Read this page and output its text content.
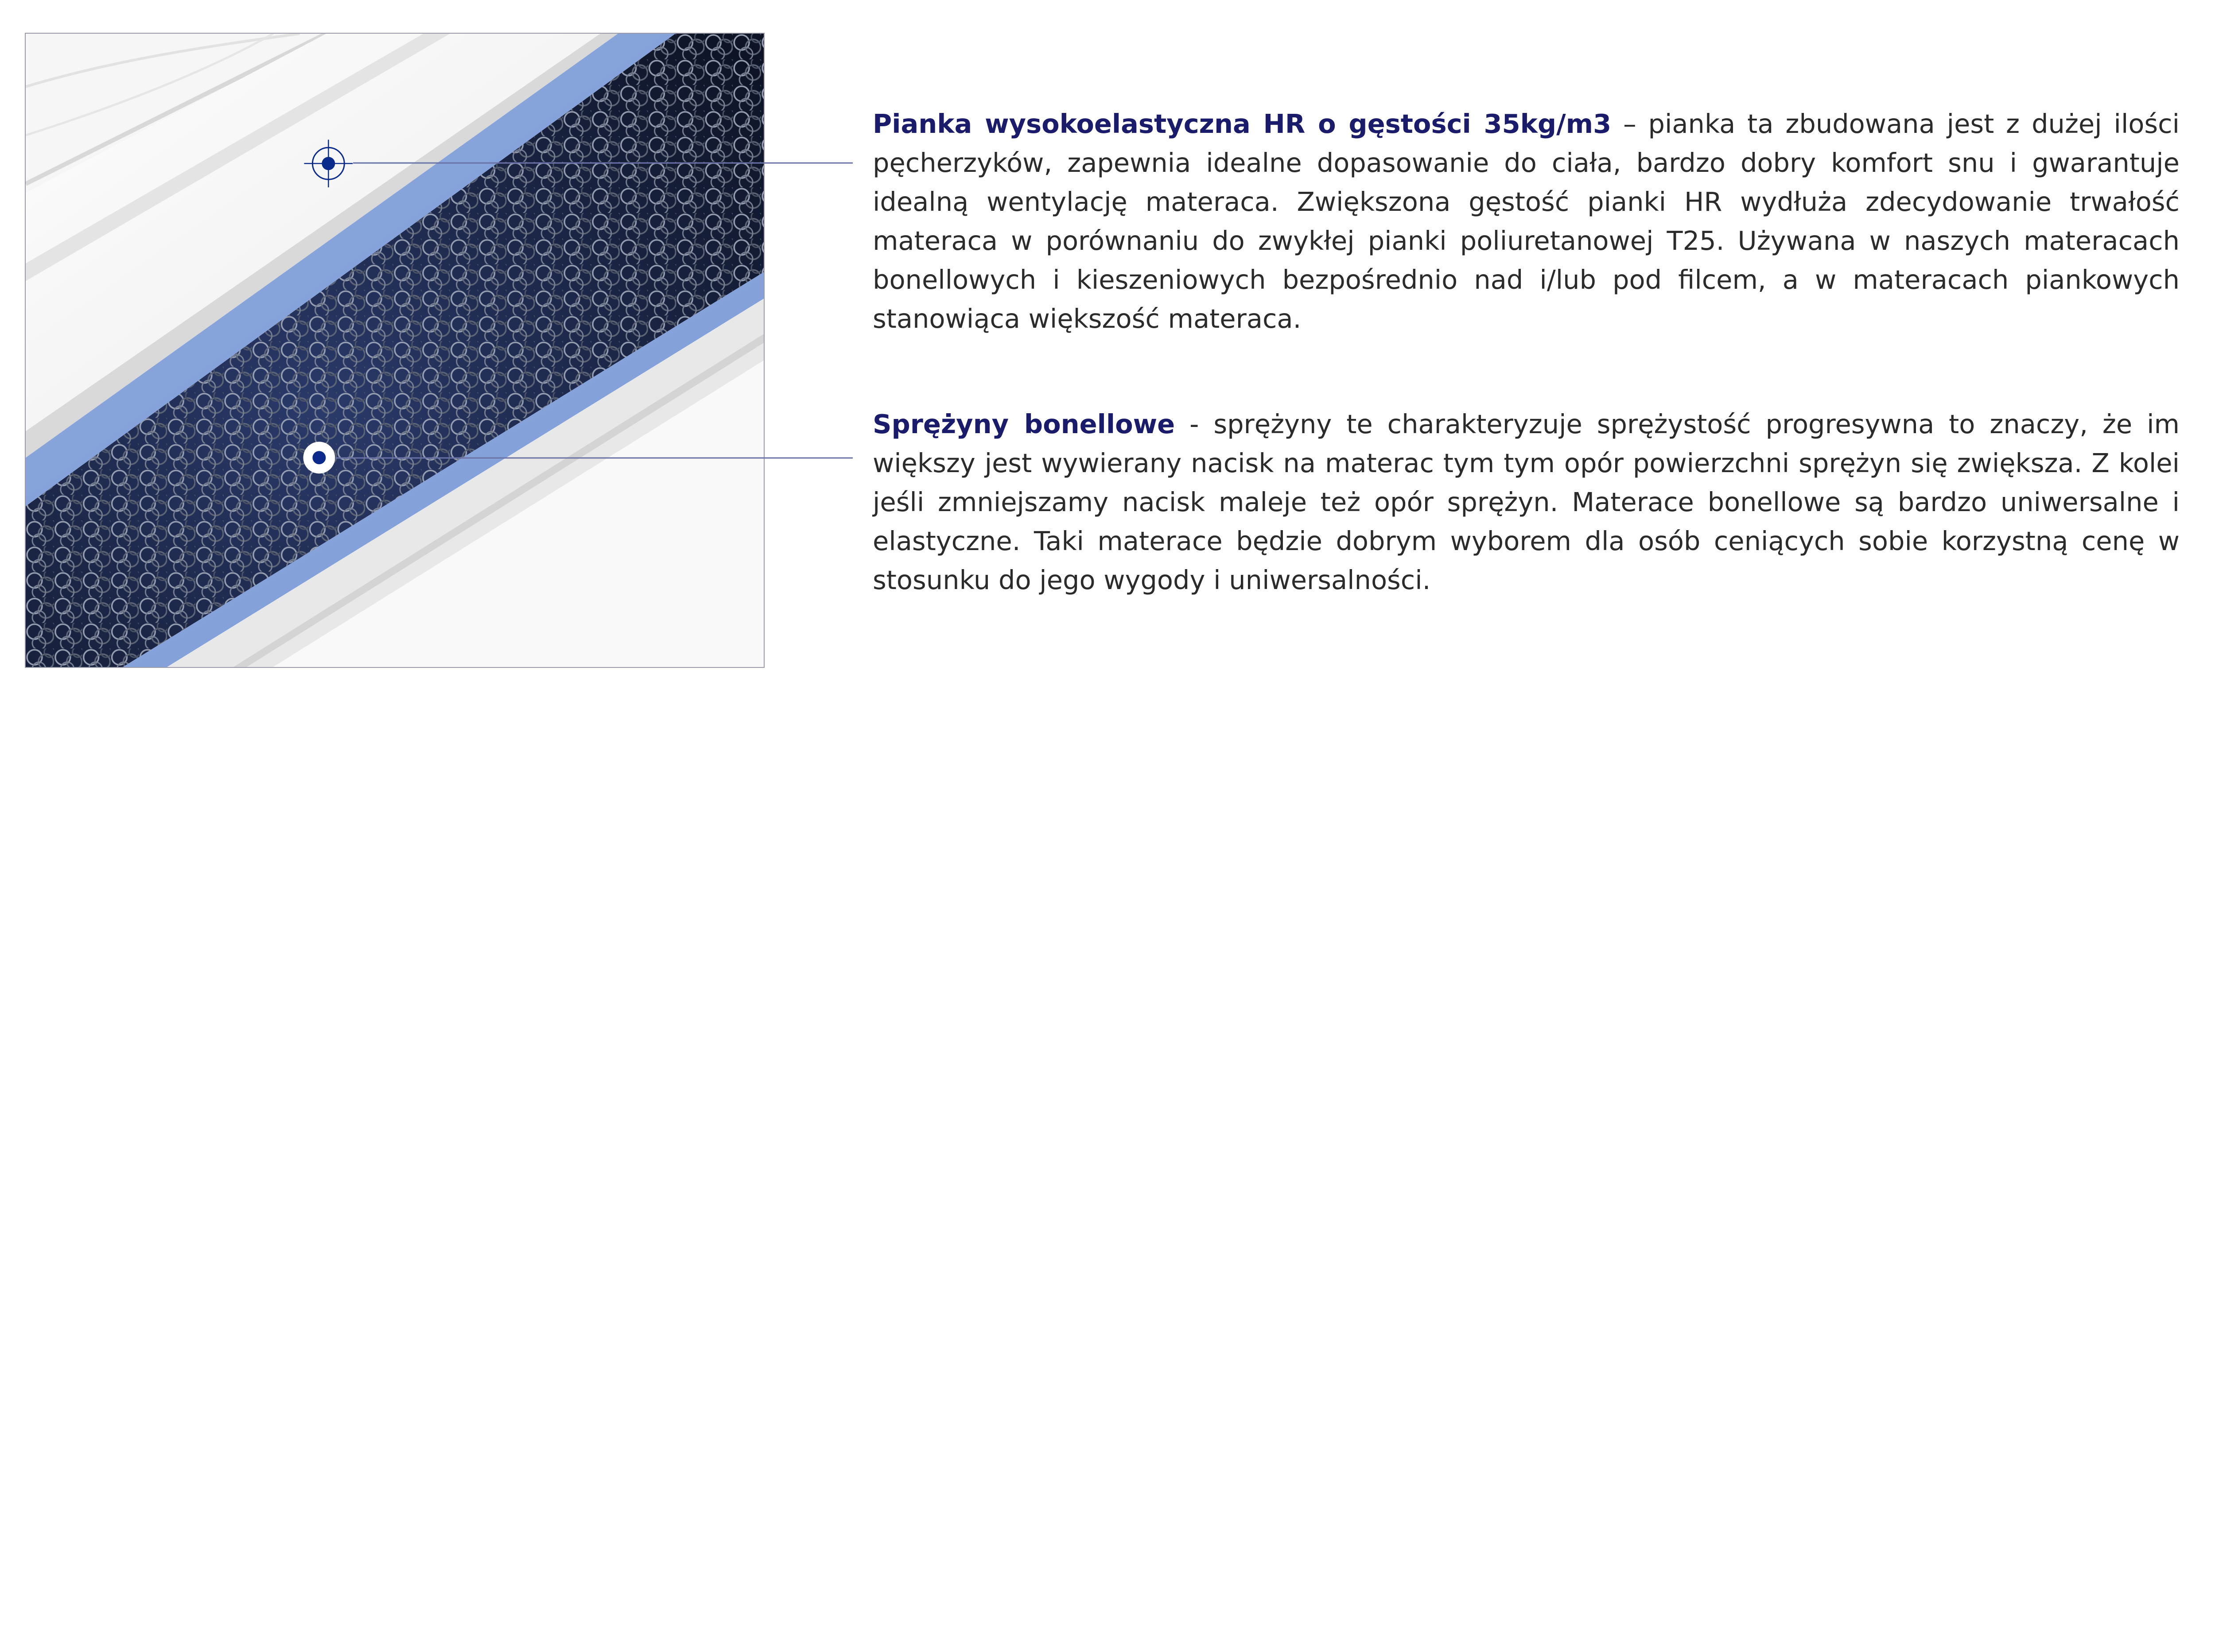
Pianka wysokoelastyczna HR o gęstości 35kg/m3 – pianka ta zbudowana jest z dużej ilości pęcherzyków, zapewnia idealne dopasowanie do ciała, bardzo dobry komfort snu i gwarantuje idealną wentylację materaca. Zwiększona gęstość pianki HR wydłuża zdecydowanie trwałość materaca w porównaniu do zwykłej pianki poliuretanowej T25. Używana w naszych materacach bonellowych i kieszeniowych bezpośrednio nad i/lub pod filcem, a w materacach piankowych stanowiąca większość materaca.

Sprężyny bonellowe - sprężyny te charakteryzuje sprężystość progresywna to znaczy, że im większy jest wywierany nacisk na materac tym tym opór powierzchni sprężyn się zwiększa. Z kolei jeśli zmniejszamy nacisk maleje też opór sprężyn. Materace bonellowe są bardzo uniwersalne i elastyczne. Taki materace będzie dobrym wyborem dla osób ceniących sobie korzystną cenę w stosunku do jego wygody i uniwersalności.
